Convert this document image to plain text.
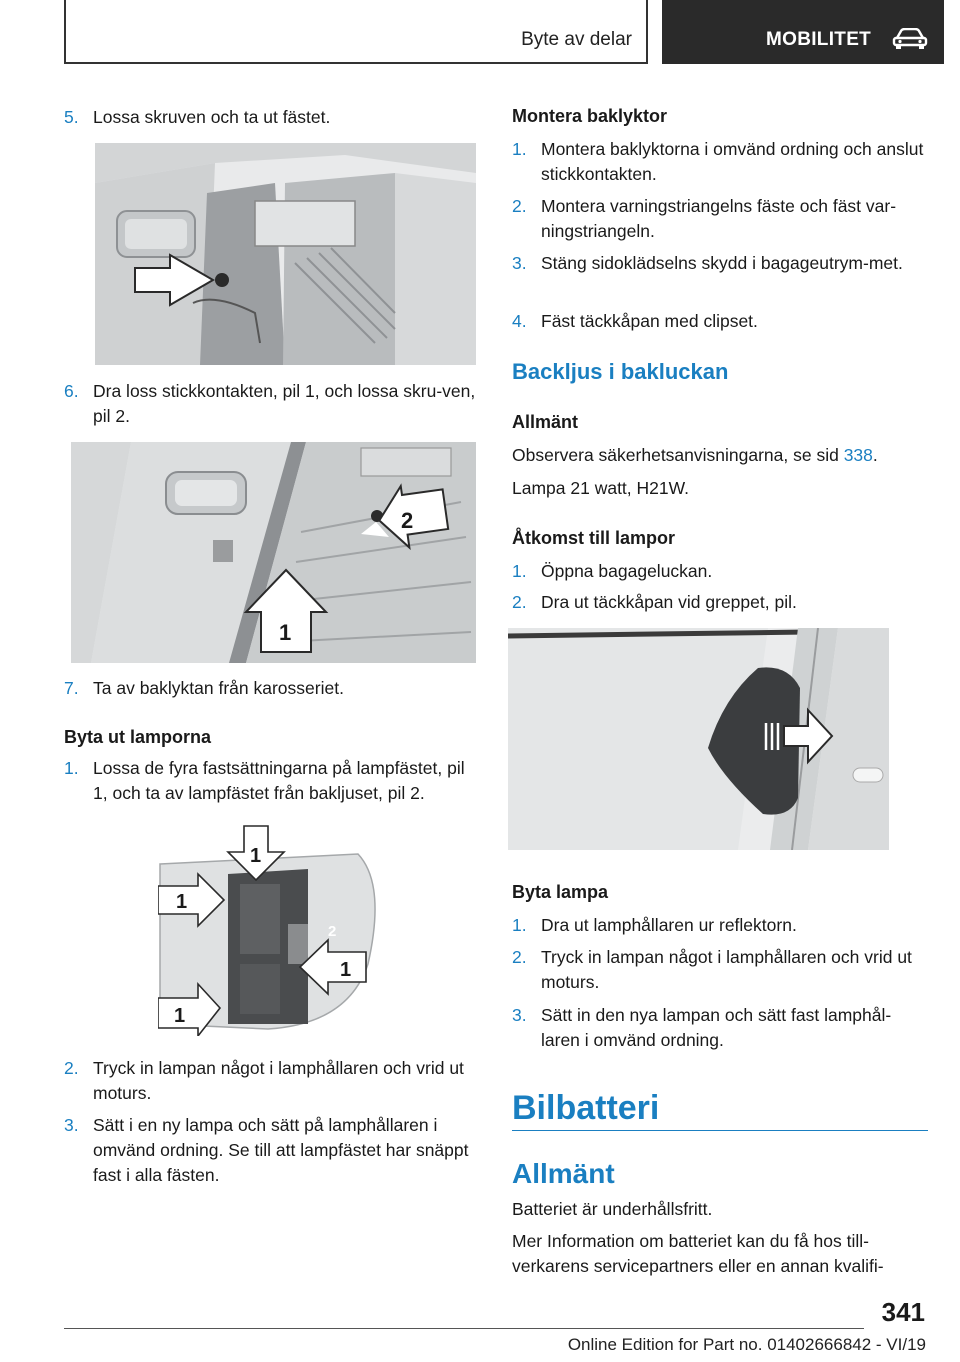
Byte av delar	MOBILITET
5. Lossa skruven och ta ut fästet.
6. Dra loss stickkontakten, pil 1, och lossa skru‐ven, pil 2.
2
1
7. Ta av baklyktan från karosseriet.
Byta ut lamporna
1. Lossa de fyra fastsättningarna på lampfästet, pil 1, och ta av lampfästet från bakljuset, pil 2.
1
1
2
1
1
2. Tryck in lampan något i lamphållaren och vrid ut moturs.
3. Sätt i en ny lampa och sätt på lamphållaren i omvänd ordning. Se till att lampfästet har snäppt fast i alla fästen.
Montera baklyktor
1. Montera baklyktorna i omvänd ordning och anslut stickkontakten.
2. Montera varningstriangelns fäste och fäst var‐ningstriangeln.
3. Stäng sidoklädselns skydd i bagageutrym‐met.
4. Fäst täckkåpan med clipset.
Backljus i bakluckan
Allmänt
Observera säkerhetsanvisningarna, se sid 338.
Lampa 21 watt, H21W.
Åtkomst till lampor
1. Öppna bagageluckan.
2. Dra ut täckkåpan vid greppet, pil.
Byta lampa
1. Dra ut lamphållaren ur reflektorn.
2. Tryck in lampan något i lamphållaren och vrid ut moturs.
3. Sätt in den nya lampan och sätt fast lamphål‐laren i omvänd ordning.
Bilbatteri
Allmänt
Batteriet är underhållsfritt.
Mer Information om batteriet kan du få hos till‐verkarens servicepartners eller en annan kvalifi‐
341
Online Edition for Part no. 01402666842 - VI/19
